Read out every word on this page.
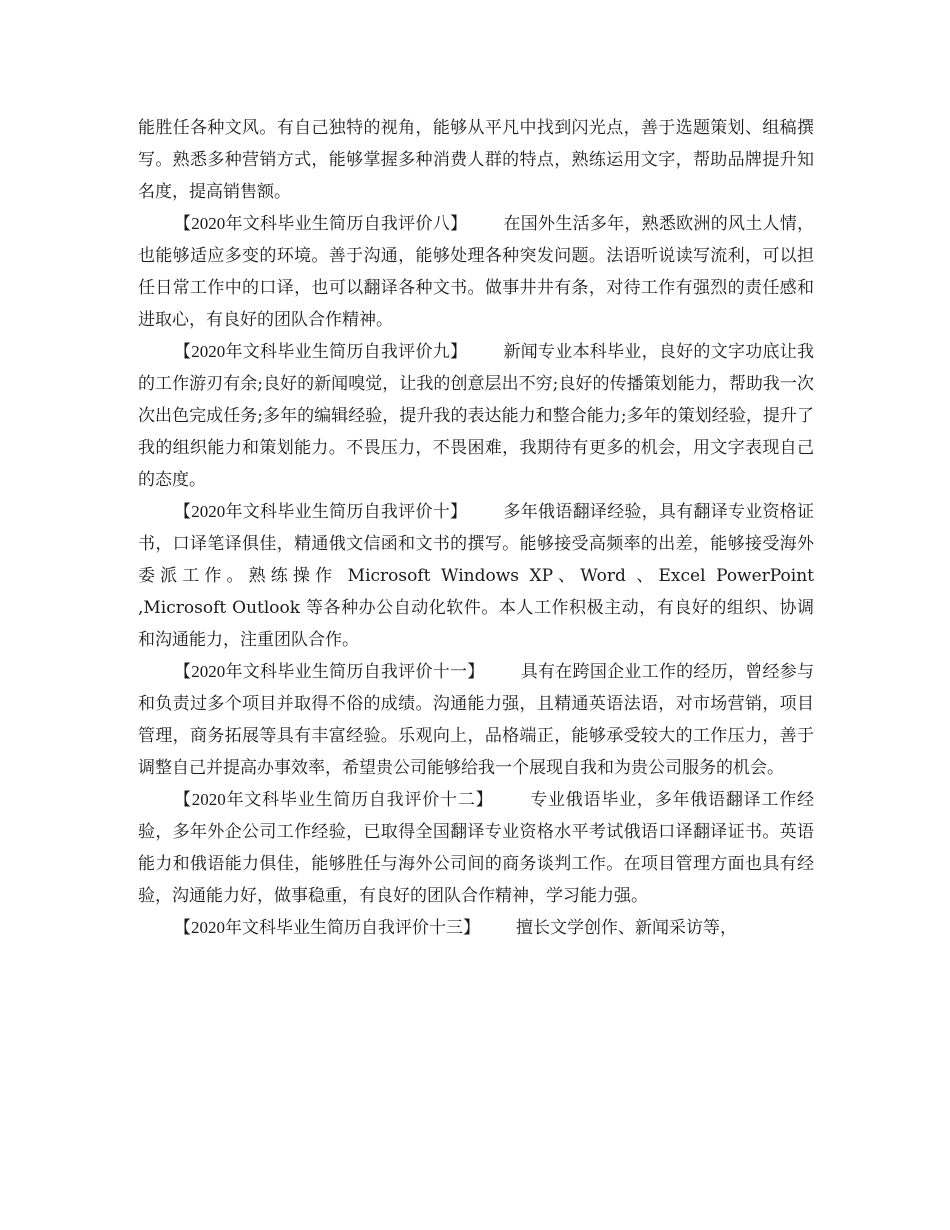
能胜任各种文风。有自己独特的视角，能够从平凡中找到闪光点，善于选题策划、组稿撰写。熟悉多种营销方式，能够掌握多种消费人群的特点，熟练运用文字，帮助品牌提升知名度，提高销售额。

【2020年文科毕业生简历自我评价八】 在国外生活多年，熟悉欧洲的风土人情，也能够适应多变的环境。善于沟通，能够处理各种突发问题。法语听说读写流利，可以担任日常工作中的口译，也可以翻译各种文书。做事井井有条，对待工作有强烈的责任感和进取心，有良好的团队合作精神。

【2020年文科毕业生简历自我评价九】 新闻专业本科毕业，良好的文字功底让我的工作游刃有余;良好的新闻嗅觉，让我的创意层出不穷;良好的传播策划能力，帮助我一次次出色完成任务;多年的编辑经验，提升我的表达能力和整合能力;多年的策划经验，提升了我的组织能力和策划能力。不畏压力，不畏困难，我期待有更多的机会，用文字表现自己的态度。

【2020年文科毕业生简历自我评价十】 多年俄语翻译经验，具有翻译专业资格证书，口译笔译俱佳，精通俄文信函和文书的撰写。能够接受高频率的出差，能够接受海外委派工作。熟练操作 Microsoft Windows XP、Word 、Excel PowerPoint ,Microsoft Outlook 等各种办公自动化软件。本人工作积极主动，有良好的组织、协调和沟通能力，注重团队合作。

【2020年文科毕业生简历自我评价十一】 具有在跨国企业工作的经历，曾经参与和负责过多个项目并取得不俗的成绩。沟通能力强，且精通英语法语，对市场营销，项目管理，商务拓展等具有丰富经验。乐观向上，品格端正，能够承受较大的工作压力，善于调整自己并提高办事效率，希望贵公司能够给我一个展现自我和为贵公司服务的机会。

【2020年文科毕业生简历自我评价十二】 专业俄语毕业，多年俄语翻译工作经验，多年外企公司工作经验，已取得全国翻译专业资格水平考试俄语口译翻译证书。英语能力和俄语能力俱佳，能够胜任与海外公司间的商务谈判工作。在项目管理方面也具有经验，沟通能力好，做事稳重，有良好的团队合作精神，学习能力强。

【2020年文科毕业生简历自我评价十三】 擅长文学创作、新闻采访等，
